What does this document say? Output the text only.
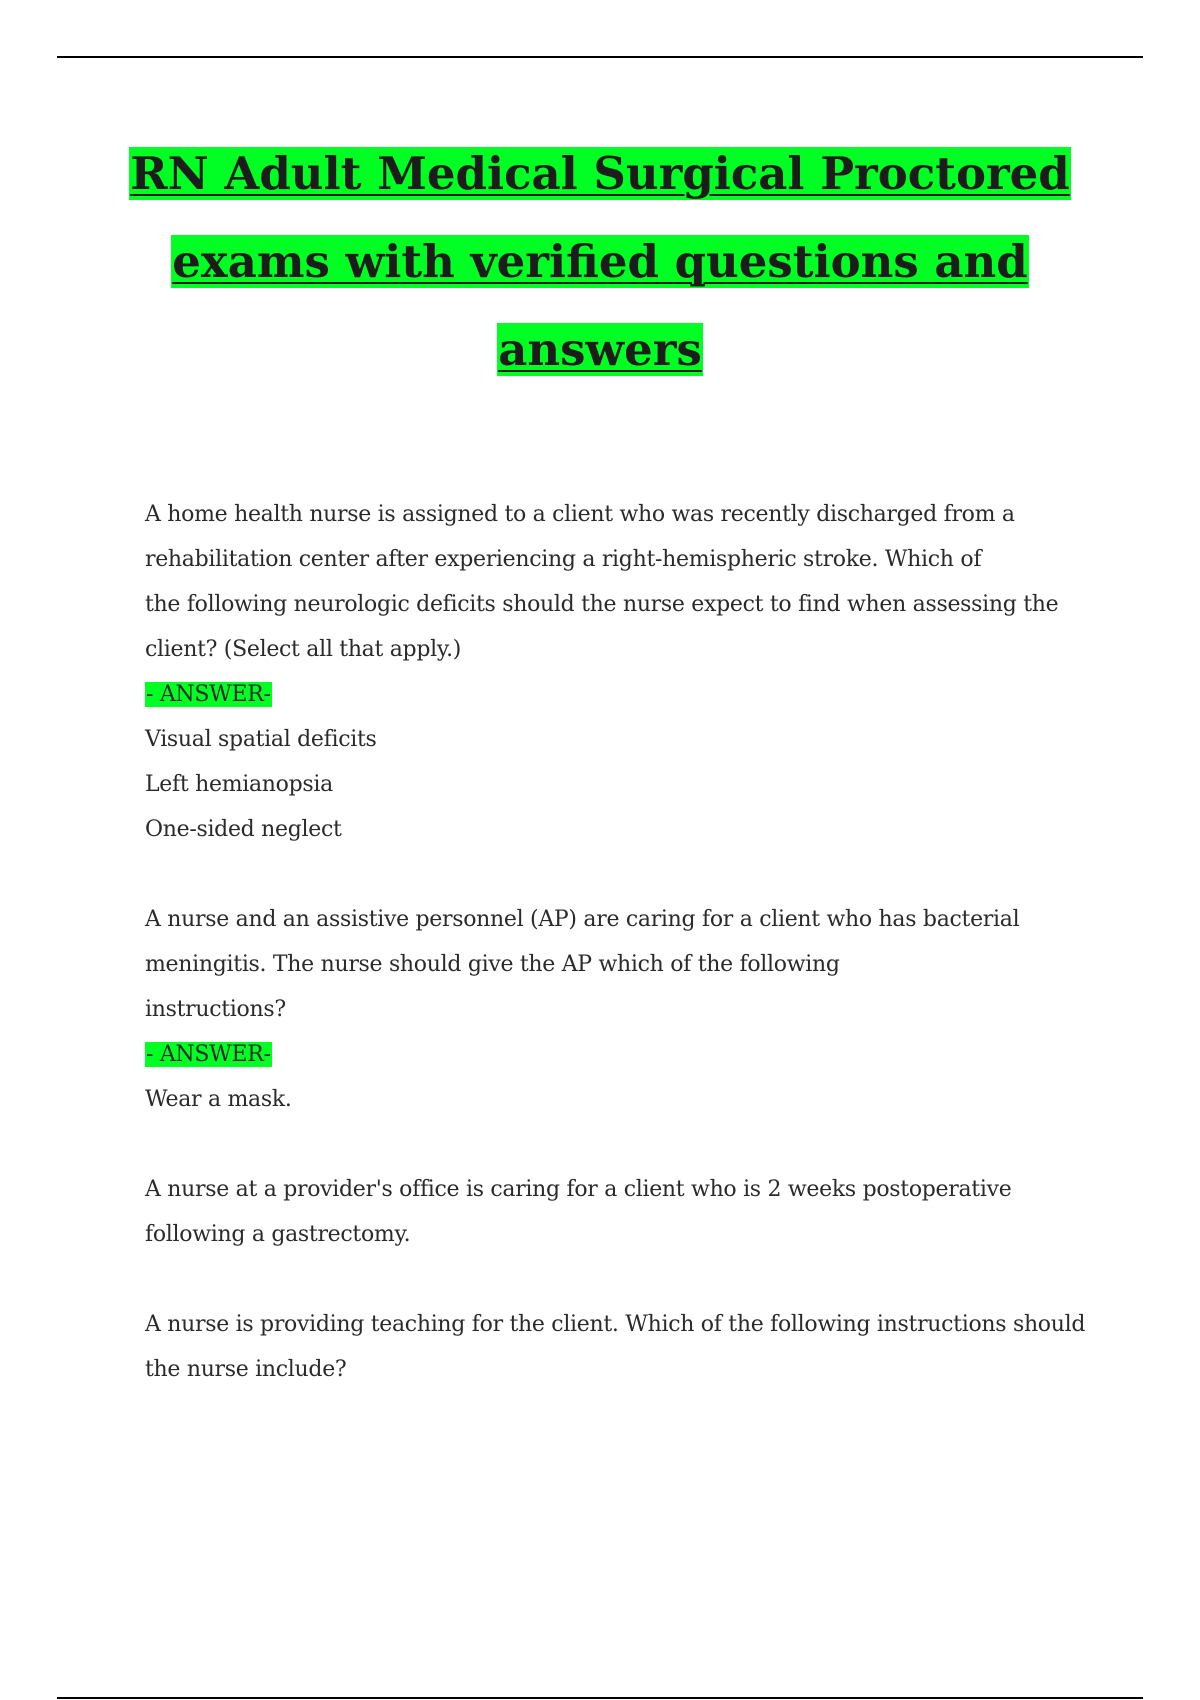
RN Adult Medical Surgical Proctored
exams with verified questions and
answers
A home health nurse is assigned to a client who was recently discharged from a
rehabilitation center after experiencing a right-hemispheric stroke. Which of
the following neurologic deficits should the nurse expect to find when assessing the
client? (Select all that apply.)
- ANSWER-
Visual spatial deficits
Left hemianopsia
One-sided neglect
A nurse and an assistive personnel (AP) are caring for a client who has bacterial
meningitis. The nurse should give the AP which of the following
instructions?
- ANSWER-
Wear a mask.
A nurse at a provider's office is caring for a client who is 2 weeks postoperative
following a gastrectomy.
A nurse is providing teaching for the client. Which of the following instructions should
the nurse include?
